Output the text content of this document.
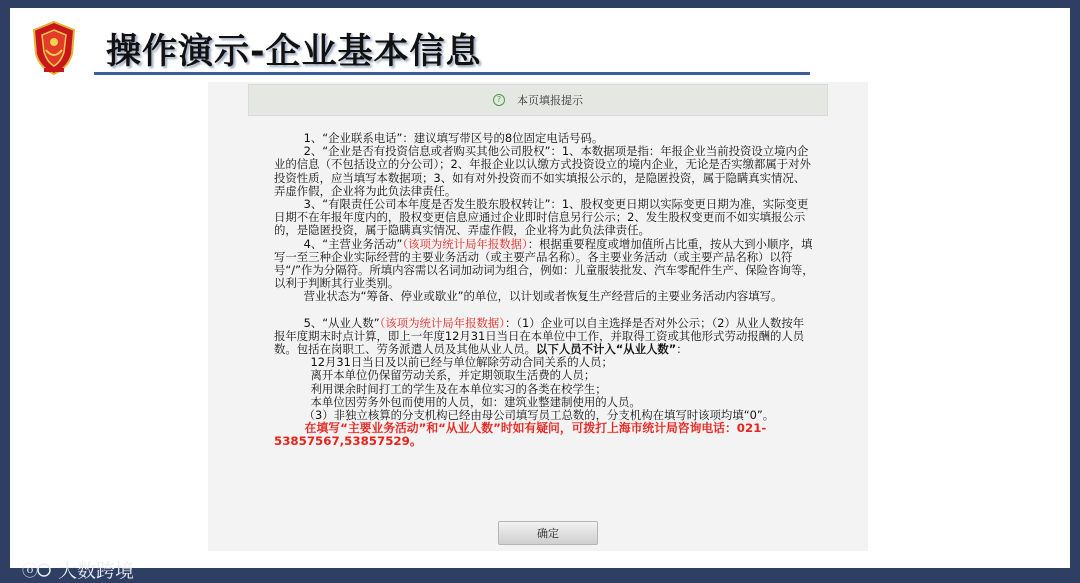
操作演示-企业基本信息
?	本页填报提示

1、“企业联系电话”：建议填写带区号的8位固定电话号码。

2、“企业是否有投资信息或者购买其他公司股权”：1、本数据项是指：年报企业当前投资设立境内企业的信息（不包括设立的分公司）；2、年报企业以认缴方式投资设立的境内企业，无论是否实缴都属于对外投资性质，应当填写本数据项；3、如有对外投资而不如实填报公示的，是隐匿投资，属于隐瞒真实情况、弄虚作假，企业将为此负法律责任。

3、“有限责任公司本年度是否发生股东股权转让”：1、股权变更日期以实际变更日期为准，实际变更日期不在年报年度内的，股权变更信息应通过企业即时信息另行公示；2、发生股权变更而不如实填报公示的，是隐匿投资，属于隐瞒真实情况、弄虚作假，企业将为此负法律责任。

4、“主营业务活动”（该项为统计局年报数据）：根据重要程度或增加值所占比重，按从大到小顺序，填写一至三种企业实际经营的主要业务活动（或主要产品名称）。各主要业务活动（或主要产品名称）以符号“/”作为分隔符。所填内容需以名词加动词为组合，例如：儿童服装批发、汽车零配件生产、保险咨询等，以利于判断其行业类别。

营业状态为“筹备、停业或歇业”的单位，以计划或者恢复生产经营后的主要业务活动内容填写。

5、“从业人数”（该项为统计局年报数据）：（1）企业可以自主选择是否对外公示；（2）从业人数按年报年度期末时点计算，即上一年度12月31日当日在本单位中工作，并取得工资或其他形式劳动报酬的人员数。包括在岗职工、劳务派遣人员及其他从业人员。以下人员不计入“从业人数”：

12月31日当日及以前已经与单位解除劳动合同关系的人员；

离开本单位仍保留劳动关系，并定期领取生活费的人员；

利用课余时间打工的学生及在本单位实习的各类在校学生；

本单位因劳务外包而使用的人员，如：建筑业整建制使用的人员。

（3）非独立核算的分支机构已经由母公司填写员工总数的，分支机构在填写时该项均填“0”。

在填写“主要业务活动”和“从业人数”时如有疑问，可拨打上海市统计局咨询电话：021-53857567,53857529。

确定
ⓞ 大数跨境
